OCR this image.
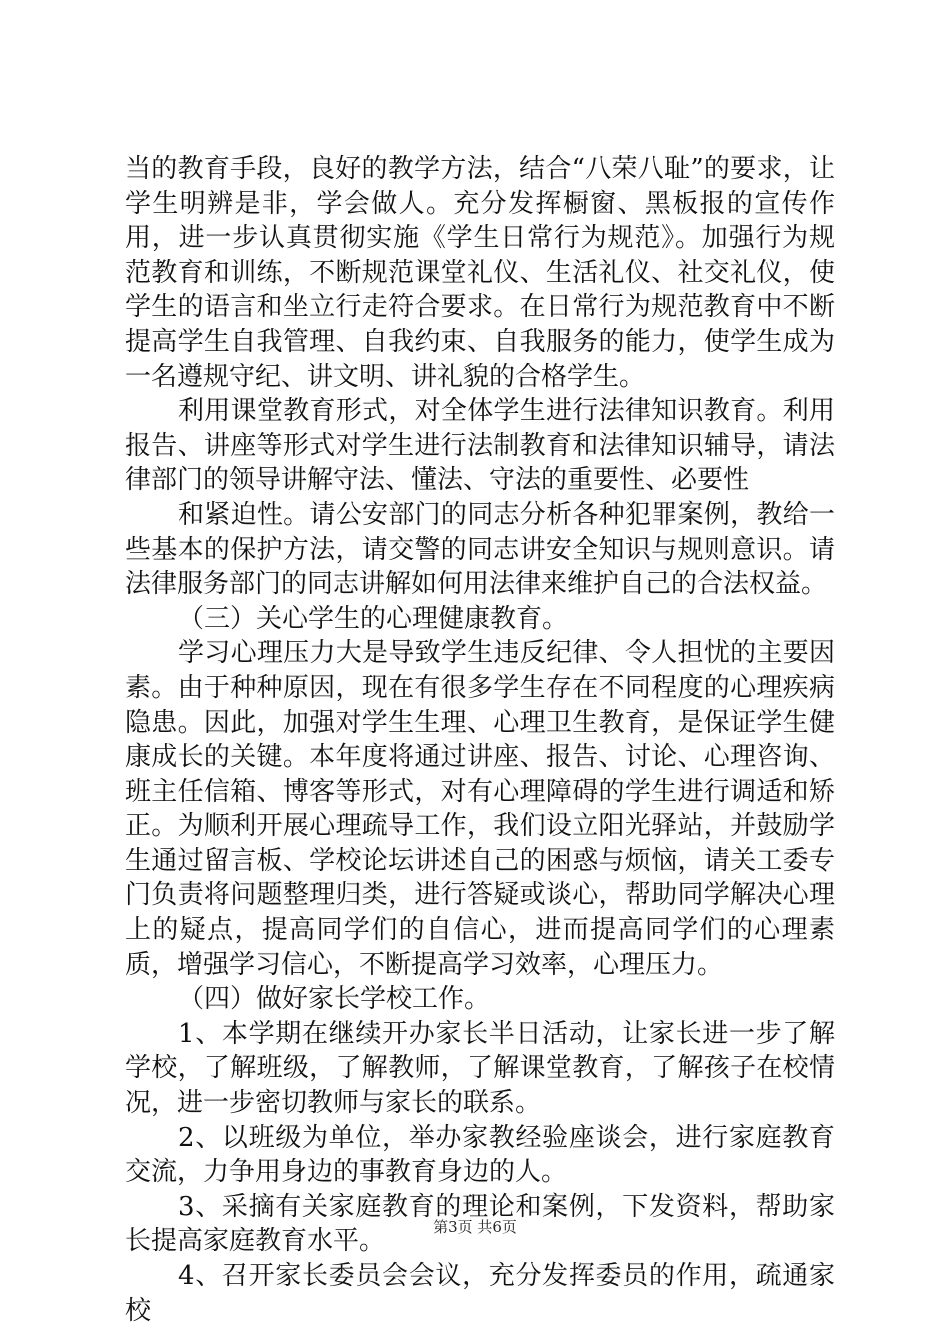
当的教育手段，良好的教学方法，结合“八荣八耻”的要求，让学生明辨是非，学会做人。充分发挥橱窗、黑板报的宣传作用，进一步认真贯彻实施《学生日常行为规范》。加强行为规范教育和训练，不断规范课堂礼仪、生活礼仪、社交礼仪，使学生的语言和坐立行走符合要求。在日常行为规范教育中不断提高学生自我管理、自我约束、自我服务的能力，使学生成为一名遵规守纪、讲文明、讲礼貌的合格学生。

利用课堂教育形式，对全体学生进行法律知识教育。利用报告、讲座等形式对学生进行法制教育和法律知识辅导，请法律部门的领导讲解守法、懂法、守法的重要性、必要性

和紧迫性。请公安部门的同志分析各种犯罪案例，教给一些基本的保护方法，请交警的同志讲安全知识与规则意识。请法律服务部门的同志讲解如何用法律来维护自己的合法权益。

（三）关心学生的心理健康教育。

学习心理压力大是导致学生违反纪律、令人担忧的主要因素。由于种种原因，现在有很多学生存在不同程度的心理疾病隐患。因此，加强对学生生理、心理卫生教育，是保证学生健康成长的关键。本年度将通过讲座、报告、讨论、心理咨询、班主任信箱、博客等形式，对有心理障碍的学生进行调适和矫正。为顺利开展心理疏导工作，我们设立阳光驿站，并鼓励学生通过留言板、学校论坛讲述自己的困惑与烦恼，请关工委专门负责将问题整理归类，进行答疑或谈心，帮助同学解决心理上的疑点，提高同学们的自信心，进而提高同学们的心理素质，增强学习信心，不断提高学习效率，心理压力。

（四）做好家长学校工作。

1、本学期在继续开办家长半日活动，让家长进一步了解学校，了解班级，了解教师，了解课堂教育，了解孩子在校情况，进一步密切教师与家长的联系。

2、以班级为单位，举办家教经验座谈会，进行家庭教育交流，力争用身边的事教育身边的人。

3、采摘有关家庭教育的理论和案例，下发资料，帮助家长提高家庭教育水平。

4、召开家长委员会会议，充分发挥委员的作用，疏通家校

第3页 共6页
